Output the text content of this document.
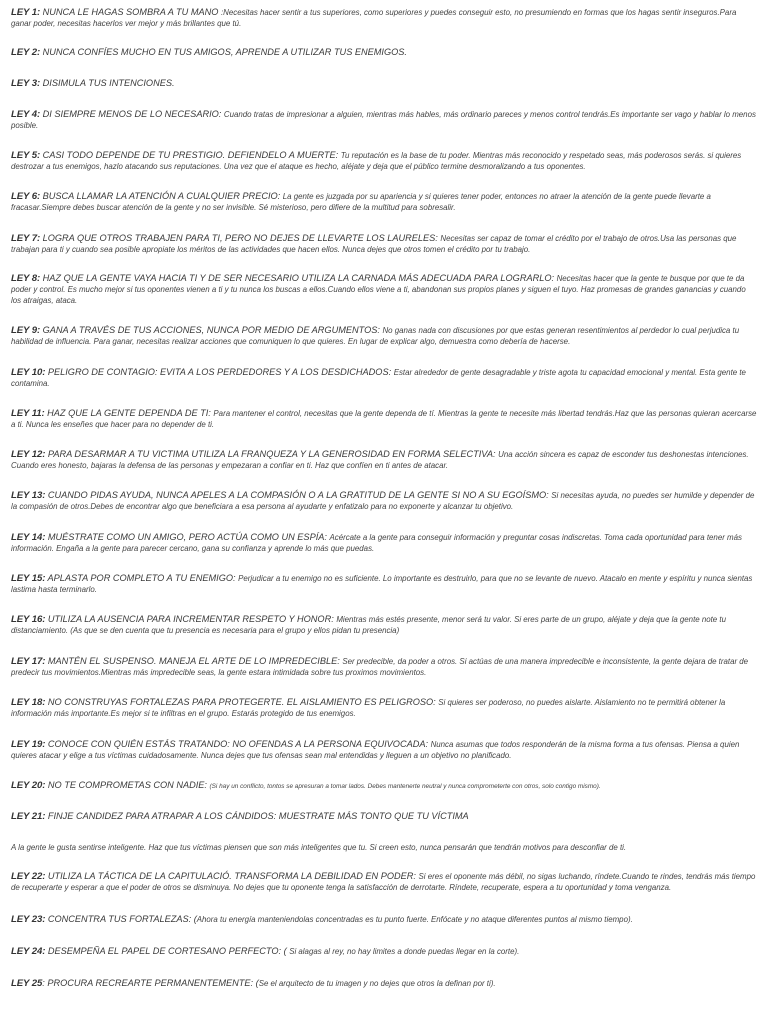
LEY 1: NUNCA LE HAGAS SOMBRA A TU MANO :Necesitas hacer sentir a tus superiores, como superiores y puedes conseguir esto, no presumiendo en formas que los hagas sentir inseguros.Para ganar poder, necesitas hacerlos ver mejor y más brillantes que tú.
LEY 2: NUNCA CONFÍES MUCHO EN TUS AMIGOS, APRENDE A UTILIZAR TUS ENEMIGOS.
LEY 3: DISIMULA TUS INTENCIONES.
LEY 4: DI SIEMPRE MENOS DE LO NECESARIO: Cuando tratas de impresionar a alguien, mientras más hables, más ordinario pareces y menos control tendrás.Es importante ser vago y hablar lo menos posible.
LEY 5: CASI TODO DEPENDE DE TU PRESTIGIO. DEFIENDELO A MUERTE: Tu reputación es la base de tu poder. Mientras más reconocido y respetado seas, más poderosos serás. si quieres destrozar a tus enemigos, hazlo atacando sus reputaciones. Una vez que el ataque es hecho, aléjate y deja que el público termine desmoralizando a tus oponentes.
LEY 6: BUSCA LLAMAR LA ATENCIÓN A CUALQUIER PRECIO: La gente es juzgada por su apariencia y si quieres tener poder, entonces no atraer la atención de la gente puede llevarte a fracasar.Siempre debes buscar atención de la gente y no ser invisible. Sé misterioso, pero difiere de la multitud para sobresalir.
LEY 7: LOGRA QUE OTROS TRABAJEN PARA TI, PERO NO DEJES DE LLEVARTE LOS LAURELES: Necesitas ser capaz de tomar el crédito por el trabajo de otros.Usa las personas que trabajan para ti y cuando sea posible apropiate los méritos de las actividades que hacen ellos. Nunca dejes que otros tomen el crédito por tu trabajo.
LEY 8: HAZ QUE LA GENTE VAYA HACIA TI Y DE SER NECESARIO UTILIZA LA CARNADA MÁS ADECUADA PARA LOGRARLO: Necesitas hacer que la gente te busque por que te da poder y control. Es mucho mejor si tus oponentes vienen a ti y tu nunca los buscas a ellos.Cuando ellos viene a ti, abandonan sus propios planes y siguen el tuyo. Haz promesas de grandes ganancias y cuando los atraigas, ataca.
LEY 9: GANA A TRAVÉS DE TUS ACCIONES, NUNCA POR MEDIO DE ARGUMENTOS: No ganas nada con discusiones por que estas generan resentimientos al perdedor lo cual perjudica tu habilidad de influencia. Para ganar, necesitas realizar acciones que comuniquen lo que quieres. En lugar de explicar algo, demuestra como debería de hacerse.
LEY 10: PELIGRO DE CONTAGIO: EVITA A LOS PERDEDORES Y A LOS DESDICHADOS: Estar alrededor de gente desagradable y triste agota tu capacidad emocional y mental. Esta gente te contamina.
LEY 11: HAZ QUE LA GENTE DEPENDA DE TI: Para mantener el control, necesitas que la gente dependa de tí. Mientras la gente te necesite más libertad tendrás.Haz que las personas quieran acercarse a ti. Nunca les enseñes que hacer para no depender de ti.
LEY 12: PARA DESARMAR A TU VICTIMA UTILIZA LA FRANQUEZA Y LA GENEROSIDAD EN FORMA SELECTIVA: Una acción sincera es capaz de esconder tus deshonestas intenciones. Cuando eres honesto, bajaras la defensa de las personas y empezaran a confiar en ti. Haz que confíen en ti antes de atacar.
LEY 13: CUANDO PIDAS AYUDA, NUNCA APELES A LA COMPASIÓN O A LA GRATITUD DE LA GENTE SI NO A SU EGOÍSMO: Si necesitas ayuda, no puedes ser humilde y depender de la compasión de otros.Debes de encontrar algo que beneficiara a esa persona al ayudarte y enfatizalo para no exponerte y alcanzar tu objetivo.
LEY 14: MUÉSTRATE COMO UN AMIGO, PERO ACTÚA COMO UN ESPÍA: Acércate a la gente para conseguir información y preguntar cosas indiscretas. Toma cada oportunidad para tener más información. Engaña a la gente para parecer cercano, gana su confianza y aprende lo más que puedas.
LEY 15: APLASTA POR COMPLETO A TU ENEMIGO: Perjudicar a tu enemigo no es suficiente. Lo importante es destruirlo, para que no se levante de nuevo. Atacalo en mente y espíritu y nunca sientas lastima hasta terminarlo.
LEY 16: UTILIZA LA AUSENCIA PARA INCREMENTAR RESPETO Y HONOR: Mientras más estés presente, menor será tu valor. Si eres parte de un grupo, aléjate y deja que la gente note tu distanciamiento. (As que se den cuenta que tu presencia es necesaria para el grupo y ellos pidan tu presencia)
LEY 17: MANTÉN EL SUSPENSO. MANEJA EL ARTE DE LO IMPREDECIBLE: Ser predecible, da poder a otros. Si actúas de una manera impredecible e inconsistente, la gente dejara de tratar de predecir tus movimientos.Mientras más impredecible seas, la gente estara intimidada sobre tus proximos movimientos.
LEY 18: NO CONSTRUYAS FORTALEZAS PARA PROTEGERTE. EL AISLAMIENTO ES PELIGROSO: Si quieres ser poderoso, no puedes aislarte. Aislamiento no te permitirá obtener la información más importante.Es mejor si te infiltras en el grupo. Estarás protegido de tus enemigos.
LEY 19: CONOCE CON QUIÉN ESTÁS TRATANDO: NO OFENDAS A LA PERSONA EQUIVOCADA: Nunca asumas que todos responderán de la misma forma a tus ofensas. Piensa a quien quieres atacar y elige a tus víctimas cuidadosamente. Nunca dejes que tus ofensas sean mal entendidas y lleguen a un objetivo no planificado.
LEY 20: NO TE COMPROMETAS CON NADIE: (Si hay un conflicto, tontos se apresuran a tomar lados. Debes mantenerte neutral y nunca comprometerte con otros, solo contigo mismo).
LEY 21: FINJE CANDIDEZ PARA ATRAPAR A LOS CÁNDIDOS: MUESTRATE MÁS TONTO QUE TU VÍCTIMA
A la gente le gusta sentirse inteligente. Haz que tus víctimas piensen que son más inteligentes que tu. Si creen esto, nunca pensarán que tendrán motivos para desconfiar de ti.
LEY 22: UTILIZA LA TÁCTICA DE LA CAPITULACIÓ. TRANSFORMA LA DEBILIDAD EN PODER: Si eres el oponente más débil, no sigas luchando, ríndete.Cuando te rindes, tendrás más tiempo de recuperarte y esperar a que el poder de otros se disminuya. No dejes que tu oponente tenga la satisfacción de derrotarte. Ríndete, recuperate, espera a tu oportunidad y toma venganza.
LEY 23: CONCENTRA TUS FORTALEZAS: (Ahora tu energía manteniendolas concentradas es tu punto fuerte. Enfócate y no ataque diferentes puntos al mismo tiempo).
LEY 24: DESEMPEÑA EL PAPEL DE CORTESANO PERFECTO: ( Si alagas al rey, no hay limites a donde puedas llegar en la corte).
LEY 25: PROCURA RECREARTE PERMANENTEMENTE: (Se el arquitecto de tu imagen y no dejes que otros la definan por ti).
